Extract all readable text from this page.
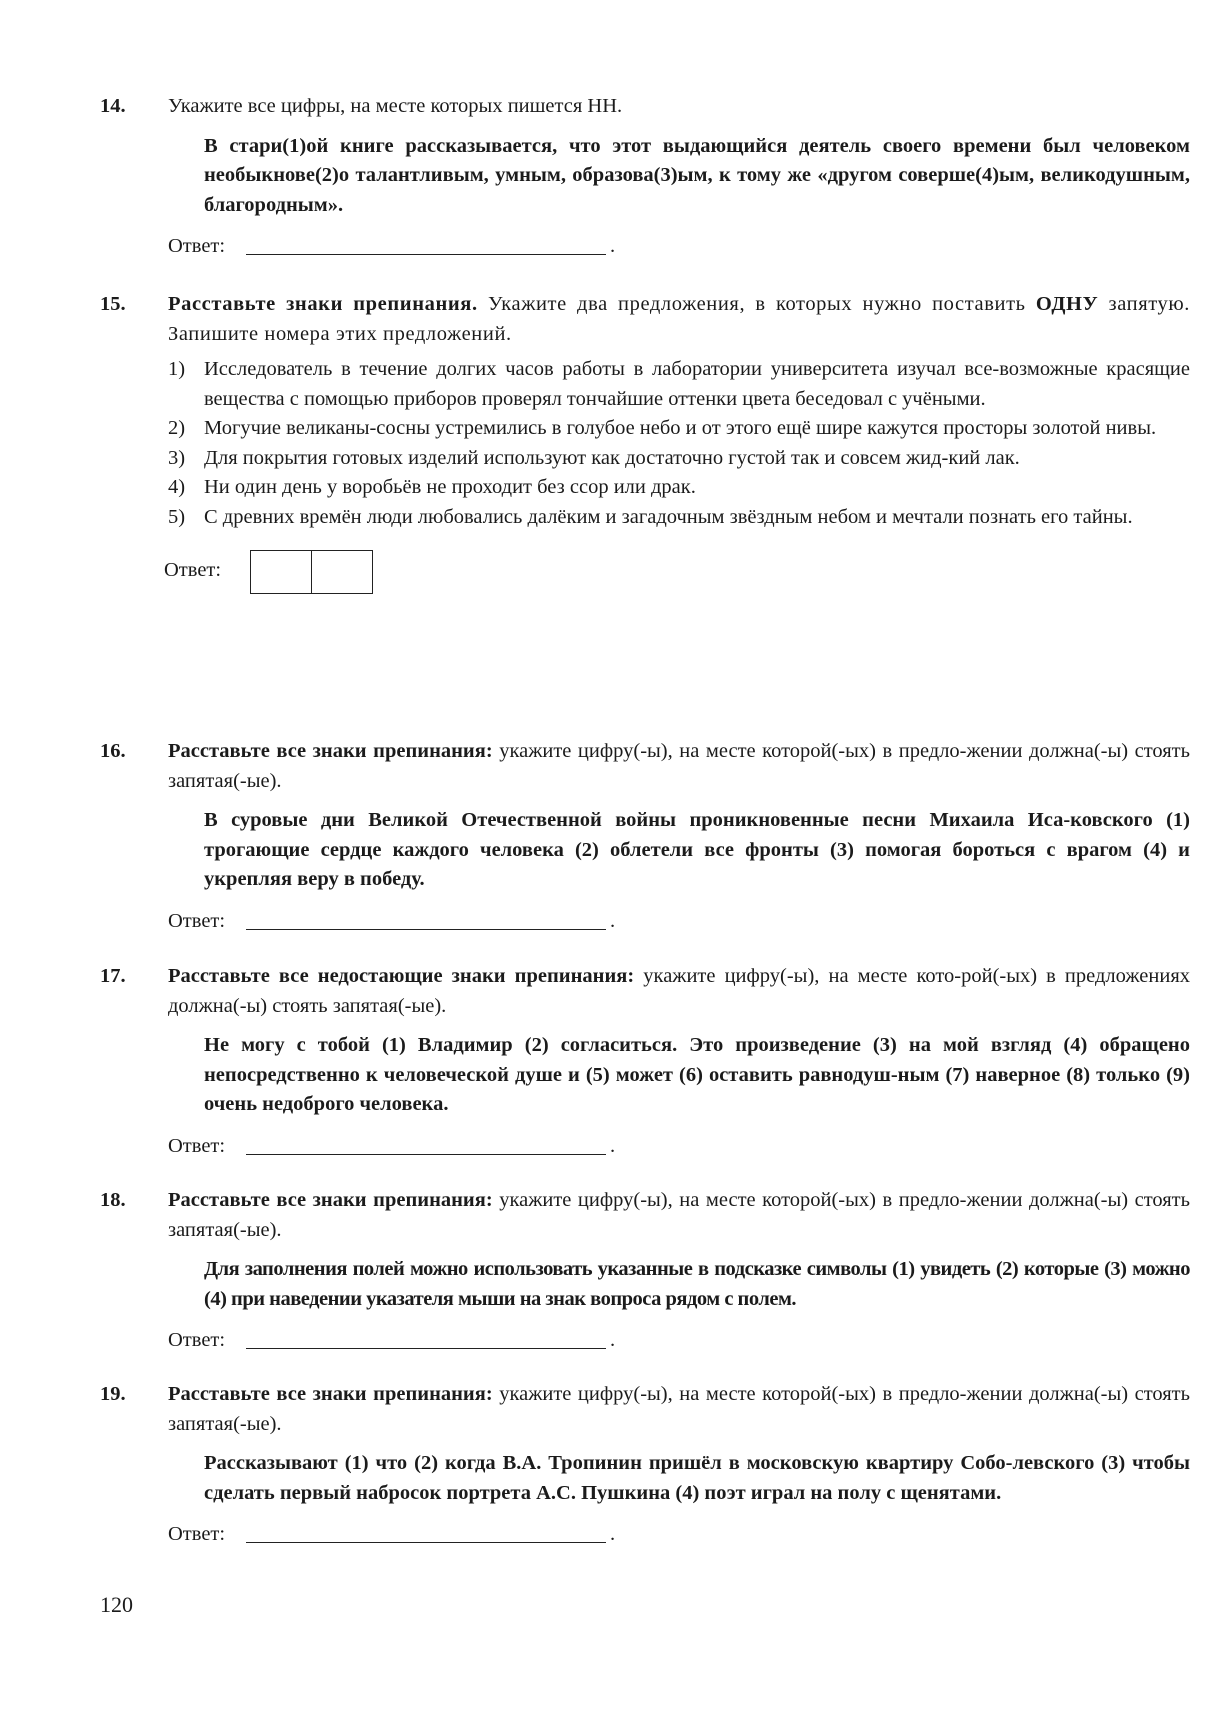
14. Укажите все цифры, на месте которых пишется НН.

В стари(1)ой книге рассказывается, что этот выдающийся деятель своего времени был человеком необыкнове(2)о талантливым, умным, образова(3)ым, к тому же «другом соверше(4)ым, великодушным, благородным».

Ответ:	.
15. Расставьте знаки препинания. Укажите два предложения, в которых нужно поставить ОДНУ запятую. Запишите номера этих предложений.

1) Исследователь в течение долгих часов работы в лаборатории университета изучал все-возможные красящие вещества с помощью приборов проверял тончайшие оттенки цвета беседовал с учёными.
2) Могучие великаны-сосны устремились в голубое небо и от этого ещё шире кажутся просторы золотой нивы.
3) Для покрытия готовых изделий используют как достаточно густой так и совсем жид-кий лак.
4) Ни один день у воробьёв не проходит без ссор или драк.
5) С древних времён люди любовались далёким и загадочным звёздным небом и мечтали познать его тайны.
Ответ:
16. Расставьте все знаки препинания: укажите цифру(-ы), на месте которой(-ых) в предло-жении должна(-ы) стоять запятая(-ые).

В суровые дни Великой Отечественной войны проникновенные песни Михаила Иса-ковского (1) трогающие сердце каждого человека (2) облетели все фронты (3) помогая бороться с врагом (4) и укрепляя веру в победу.

Ответ:	.
17. Расставьте все недостающие знаки препинания: укажите цифру(-ы), на месте кото-рой(-ых) в предложениях должна(-ы) стоять запятая(-ые).

Не могу с тобой (1) Владимир (2) согласиться. Это произведение (3) на мой взгляд (4) обращено непосредственно к человеческой душе и (5) может (6) оставить равнодуш-ным (7) наверное (8) только (9) очень недоброго человека.

Ответ:	.
18. Расставьте все знаки препинания: укажите цифру(-ы), на месте которой(-ых) в предло-жении должна(-ы) стоять запятая(-ые).

Для заполнения полей можно использовать указанные в подсказке символы (1) увидеть (2) которые (3) можно (4) при наведении указателя мыши на знак вопроса рядом с полем.

Ответ:	.
19. Расставьте все знаки препинания: укажите цифру(-ы), на месте которой(-ых) в предло-жении должна(-ы) стоять запятая(-ые).

Рассказывают (1) что (2) когда В.А. Тропинин пришёл в московскую квартиру Собо-левского (3) чтобы сделать первый набросок портрета А.С. Пушкина (4) поэт играл на полу с щенятами.

Ответ:	.
120
